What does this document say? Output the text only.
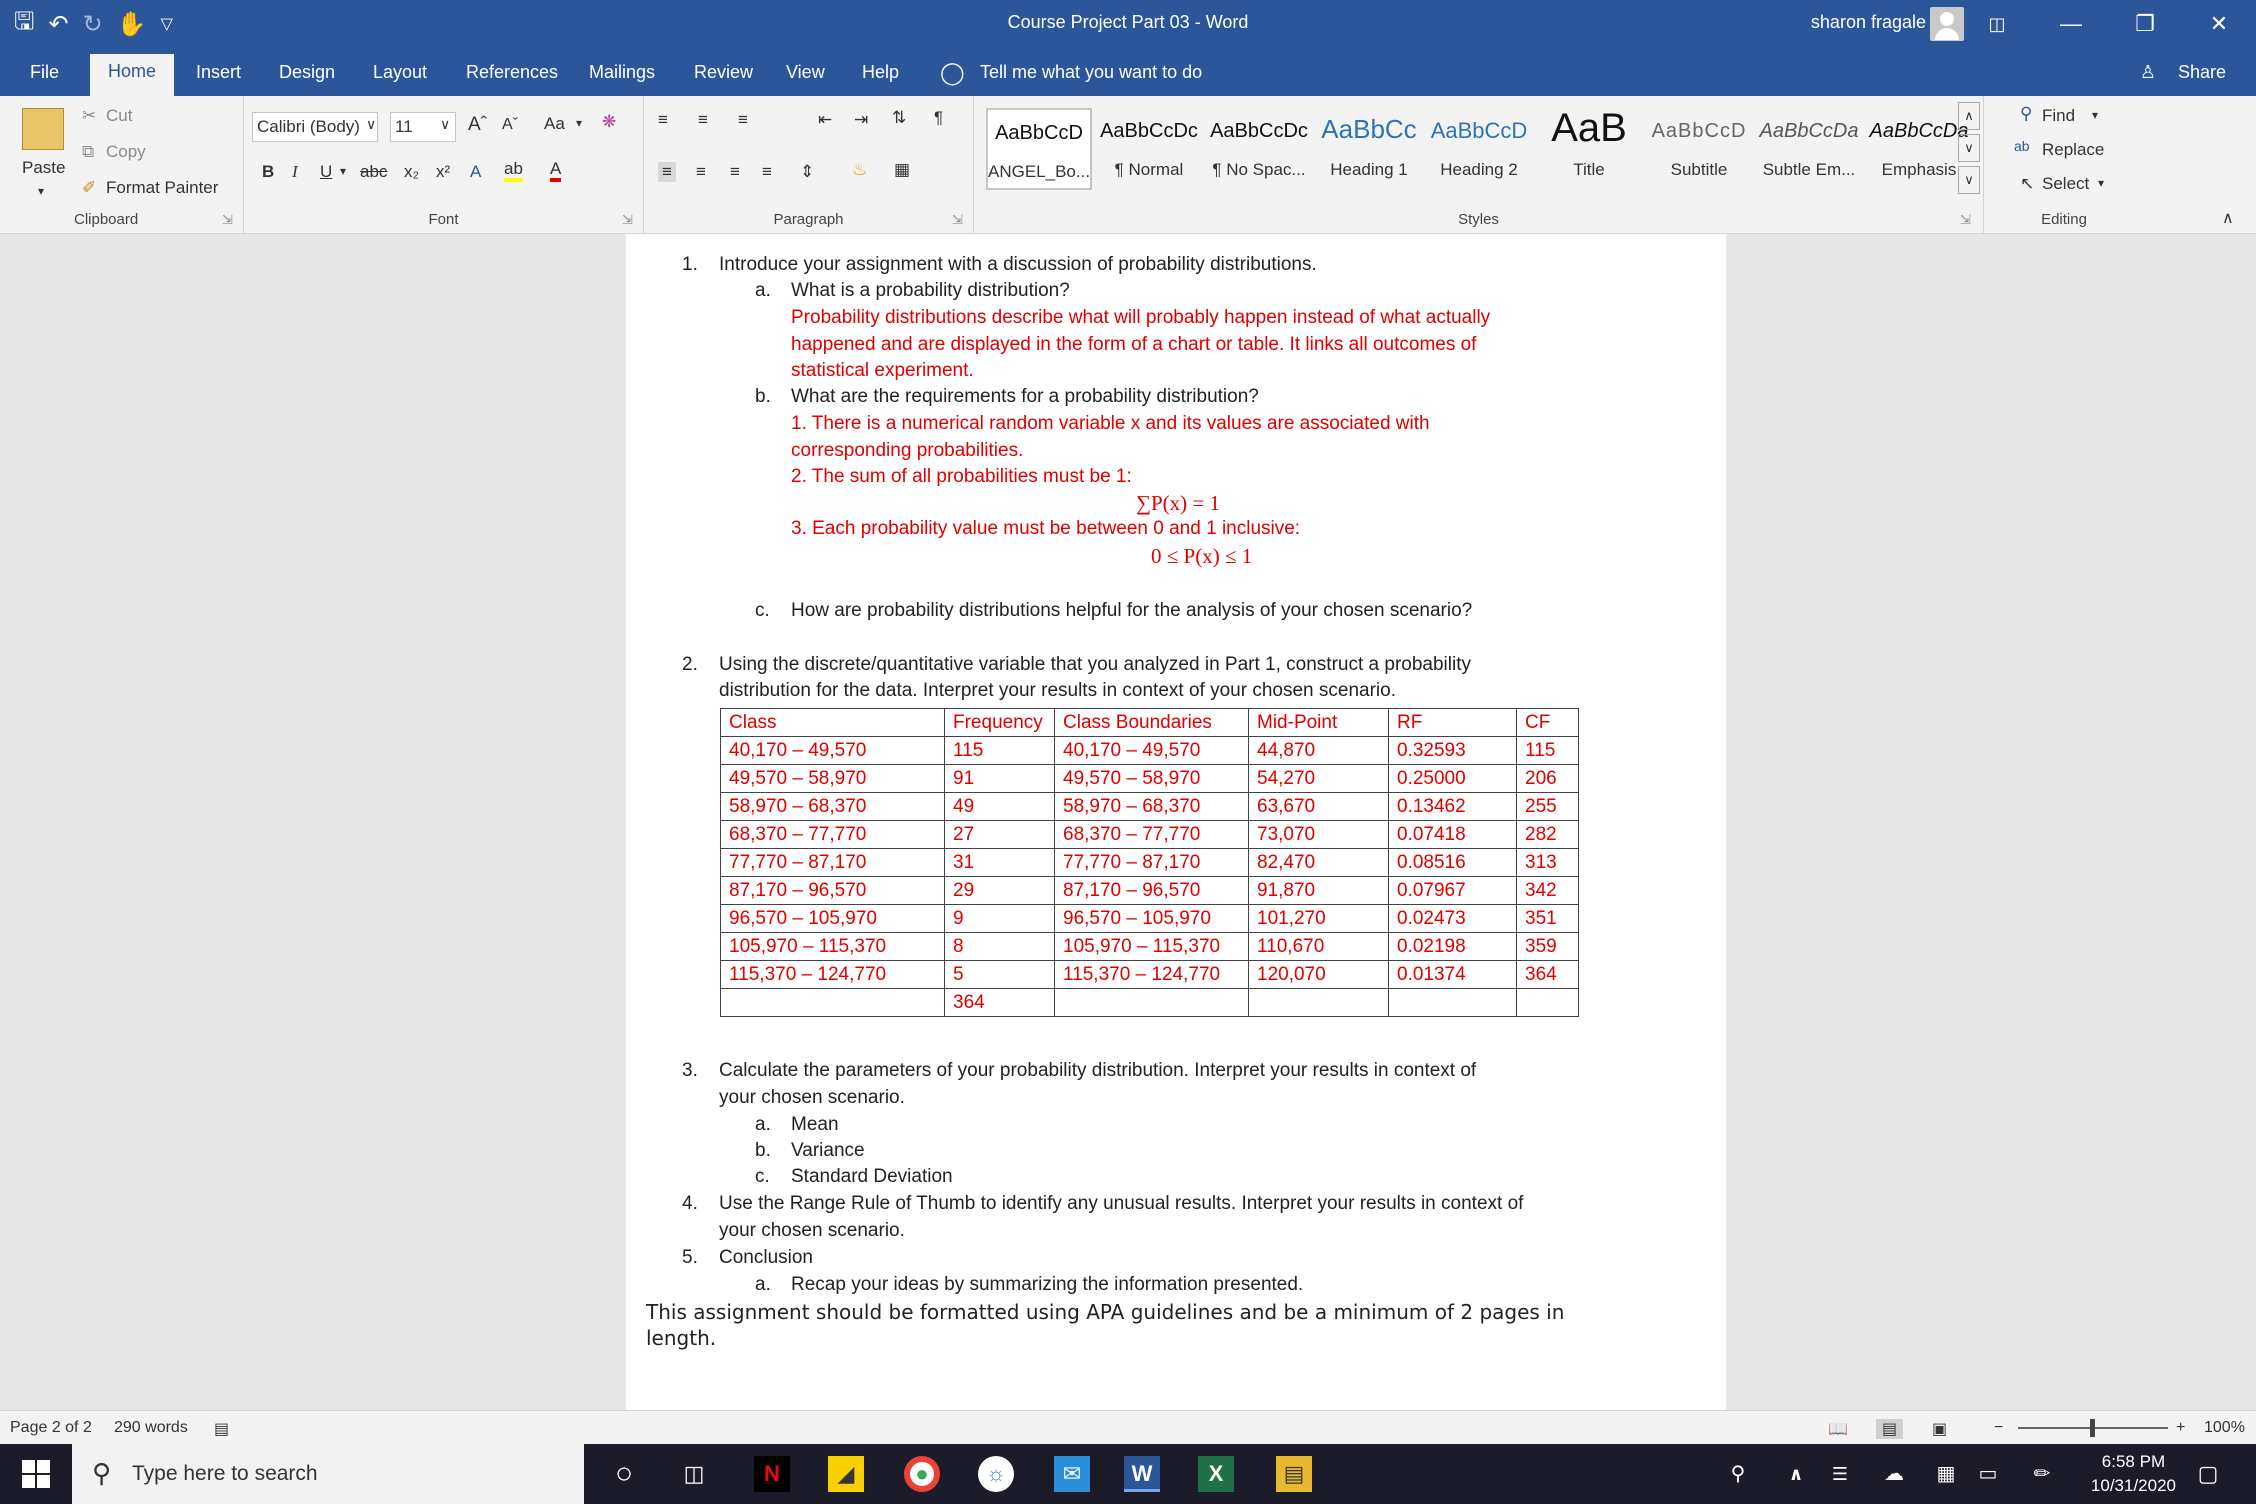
🖫 ↶ ↻ ✋ ▽	Course Project Part 03 - Word	sharon fragale	◫	—	❐	✕
File	Home	Insert Design Layout References Mailings Review View Help ◯ Tell me what you want to do	♙ Share
Paste
▾
✂ Cut
⧉ Copy
✐ Format Painter
Clipboard	⇲
Calibri (Body) ∨ 11	∨ Aˆ Aˇ Aa ▾ ❋
B I U ▾ abc x₂ x² A ab A
Font	⇲
≡ ≡ ≡	⇤ ⇥ ⇅ ¶
≡ ≡ ≡ ≡ ⇕ ♨ ▦
Paragraph	⇲
AaBbCcD
ANGEL_Bo...
AaBbCcDc
¶ Normal
AaBbCcDc
¶ No Spac...
AaBbCc
Heading 1
AaBbCcD
Heading 2
AaB
Title
AaBbCcD
Subtitle
AaBbCcDa
Subtle Em...
AaBbCcDa
Emphasis
∧
∨
∨
Styles	⇲
⚲ Find ▾
ab Replace
↖ Select ▾
Editing	∧
1. Introduce your assignment with a discussion of probability distributions.
a. What is a probability distribution?
Probability distributions describe what will probably happen instead of what actually
happened and are displayed in the form of a chart or table. It links all outcomes of
statistical experiment.
b. What are the requirements for a probability distribution?
1. There is a numerical random variable x and its values are associated with
corresponding probabilities.
2. The sum of all probabilities must be 1:
∑P(x) = 1
3. Each probability value must be between 0 and 1 inclusive:
0 ≤ P(x) ≤ 1
c. How are probability distributions helpful for the analysis of your chosen scenario?
2. Using the discrete/quantitative variable that you analyzed in Part 1, construct a probability
distribution for the data. Interpret your results in context of your chosen scenario.
3. Calculate the parameters of your probability distribution. Interpret your results in context of
your chosen scenario.
a. Mean
b. Variance
c. Standard Deviation
4. Use the Range Rule of Thumb to identify any unusual results. Interpret your results in context of
your chosen scenario.
5. Conclusion
a. Recap your ideas by summarizing the information presented.
This assignment should be formatted using APA guidelines and be a minimum of 2 pages in
length.
Class	Frequency	Class Boundaries	Mid-Point	RF	CF
40,170 – 49,570	115	40,170 – 49,570	44,870	0.32593	115
49,570 – 58,970	91	49,570 – 58,970	54,270	0.25000	206
58,970 – 68,370	49	58,970 – 68,370	63,670	0.13462	255
68,370 – 77,770	27	68,370 – 77,770	73,070	0.07418	282
77,770 – 87,170	31	77,770 – 87,170	82,470	0.08516	313
87,170 – 96,570	29	87,170 – 96,570	91,870	0.07967	342
96,570 – 105,970	9	96,570 – 105,970	101,270	0.02473	351
105,970 – 115,370	8	105,970 – 115,370	110,670	0.02198	359
115,370 – 124,770	5	115,370 – 124,770	120,070	0.01374	364
	364				
Page 2 of 2 290 words ▤	📖	▤	▣	−	+ 100%
⚲ Type here to search	○	◫	N	◢	●	☼	✉	W	X	▤	⚲	∧	☰	☁	▦	▭	✏
6:58 PM
10/31/2020 ▢
